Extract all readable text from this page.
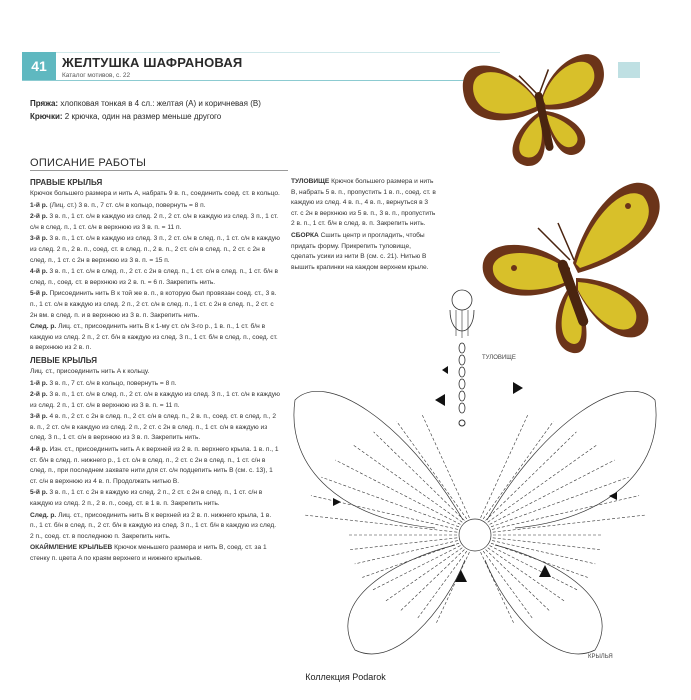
41	ЖЕЛТУШКА ШАФРАНОВАЯ
Каталог мотивов, с. 22
Пряжа: хлопковая тонкая в 4 сл.: желтая (A) и коричневая (B)
Крючки: 2 крючка, один на размер меньше другого
ОПИСАНИЕ РАБОТЫ
ПРАВЫЕ КРЫЛЬЯ

Крючок большего размера и нить A, набрать 9 в. п., соединить соед. ст. в кольцо.

1-й р. (Лиц. ст.) 3 в. п., 7 ст. с/н в кольцо, повернуть = 8 п.

2-й р. 3 в. п., 1 ст. с/н в каждую из след. 2 п., 2 ст. с/н в каждую из след. 3 п., 1 ст. с/н в след. п., 1 ст. с/н в верхнюю из 3 в. п. = 11 п.

3-й р. 3 в. п., 1 ст. с/н в каждую из след. 3 п., 2 ст. с/н в след. п., 1 ст. с/н в каждую из след. 2 п., 2 в. п., соед. ст. в след. п., 2 в. п., 2 ст. с/н в след. п., 2 ст. с 2н в след. п., 1 ст. с 2н в верхнюю из 3 в. п. = 15 п.

4-й р. 3 в. п., 1 ст. с/н в след. п., 2 ст. с 2н в след. п., 1 ст. с/н в след. п., 1 ст. б/н в след. п., соед. ст. в верхнюю из 2 в. п. = 6 п. Закрепить нить.

5-й р. Присоединить нить B к той же в. п., в которую был провязан соед. ст., 3 в. п., 1 ст. с/н в каждую из след. 2 п., 2 ст. с/н в след. п., 1 ст. с 2н в след. п., 2 ст. с 2н вм. в след. п. и в верхнюю из 3 в. п. Закрепить нить.

След. р. Лиц. ст., присоединить нить B к 1-му ст. с/н 3-го р., 1 в. п., 1 ст. б/н в каждую из след. 2 п., 2 ст. б/н в каждую из след. 3 п., 1 ст. б/н в след. п., соед. ст. в верхнюю из 2 в. п.

ЛЕВЫЕ КРЫЛЬЯ

Лиц. ст., присоединить нить A к кольцу.

1-й р. 3 в. п., 7 ст. с/н в кольцо, повернуть = 8 п.

2-й р. 3 в. п., 1 ст. с/н в след. п., 2 ст. с/н в каждую из след. 3 п., 1 ст. с/н в каждую из след. 2 п., 1 ст. с/н в верхнюю из 3 в. п. = 11 п.

3-й р. 4 в. п., 2 ст. с 2н в след. п., 2 ст. с/н в след. п., 2 в. п., соед. ст. в след. п., 2 в. п., 2 ст. с/н в каждую из след. 2 п., 2 ст. с 2н в след. п., 1 ст. с/н в каждую из след. 3 п., 1 ст. с/н в верхнюю из 3 в. п. Закрепить нить.

4-й р. Изн. ст., присоединить нить A к верхней из 2 в. п. верхнего крыла. 1 в. п., 1 ст. б/н в след. п. нижнего р., 1 ст. с/н в след. п., 2 ст. с 2н в след. п., 1 ст. с/н в след. п., при последнем захвате нити для ст. с/н подцепить нить B (см. с. 13), 1 ст. с/н в верхнюю из 4 в. п. Продолжать нитью B.

5-й р. 3 в. п., 1 ст. с 2н в каждую из след. 2 п., 2 ст. с 2н в след. п., 1 ст. с/н в каждую из след. 2 п., 2 в. п., соед. ст. в 1 в. п. Закрепить нить.

След. р. Лиц. ст., присоединить нить B к верхней из 2 в. п. нижнего крыла, 1 в. п., 1 ст. б/н в след. п., 2 ст. б/н в каждую из след. 3 п., 1 ст. б/н в каждую из след. 2 п., соед. ст. в последнюю п. Закрепить нить.

ОКАЙМЛЕНИЕ КРЫЛЬЕВ Крючок меньшего размера и нить B, соед. ст. за 1 стенку п. цвета A по краям верхнего и нижнего крыльев.

ТУЛОВИЩЕ Крючок большего размера и нить B, набрать 5 в. п., пропустить 1 в. п., соед. ст. в каждую из след. 4 в. п., 4 в. п., вернуться в 3 ст. с 2н в верхнюю из 5 в. п., 3 в. п., пропустить 2 в. п., 1 ст. б/н в след. в. п. Закрепить нить.

СБОРКА Сшить центр и прогладить, чтобы придать форму. Прикрепить туловище, сделать усики из нити B (см. с. 21). Нитью B вышить крапинки на каждом верхнем крыле.

ТУЛОВИЩЕ
КРЫЛЬЯ
Коллекция Podarok
